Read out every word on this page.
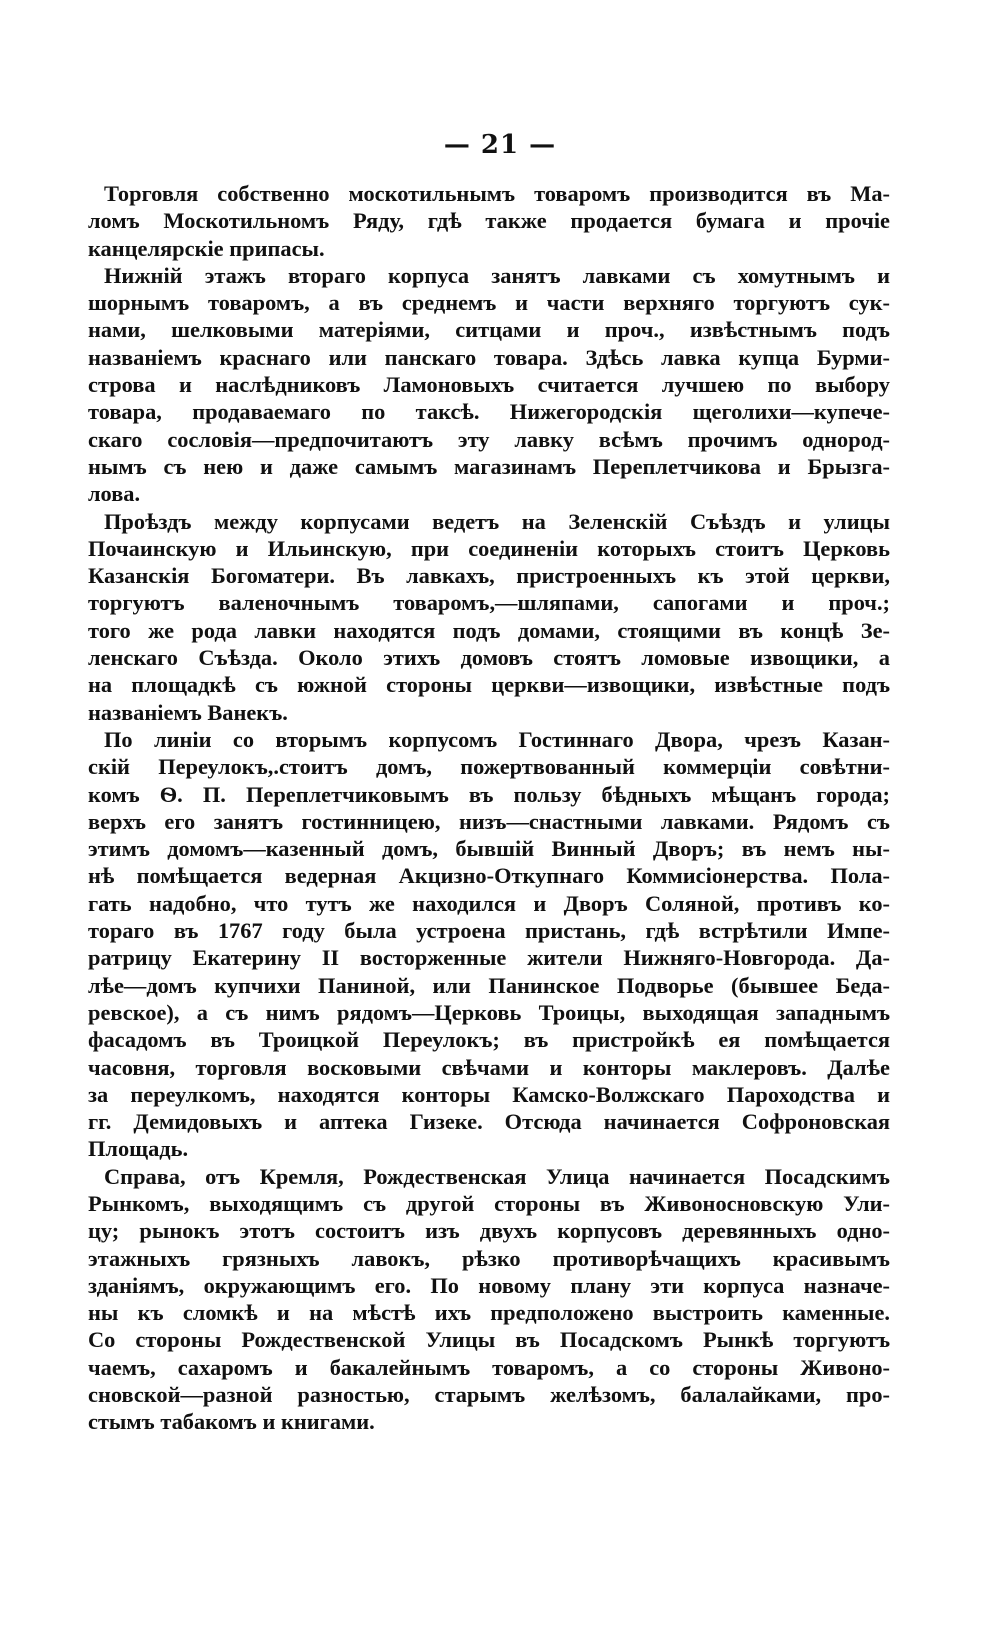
— 21 —
Торговля собственно москотильнымъ товаромъ производится въ Ма-
ломъ Москотильномъ Ряду, гдѣ также продается бумага и прочіе
канцелярскіе припасы.
Нижній этажъ втораго корпуса занятъ лавками съ хомутнымъ и
шорнымъ товаромъ, а въ среднемъ и части верхняго торгуютъ сук-
нами, шелковыми матеріями, ситцами и проч., извѣстнымъ подъ
названіемъ краснаго или панскаго товара. Здѣсь лавка купца Бурми-
строва и наслѣдниковъ Ламоновыхъ считается лучшею по выбору
товара, продаваемаго по таксѣ. Нижегородскія щеголихи—купече-
скаго сословія—предпочитаютъ эту лавку всѣмъ прочимъ однород-
нымъ съ нею и даже самымъ магазинамъ Переплетчикова и Брызга-
лова.
Проѣздъ между корпусами ведетъ на Зеленскій Съѣздъ и улицы
Почаинскую и Ильинскую, при соединеніи которыхъ стоитъ Церковь
Казанскія Богоматери. Въ лавкахъ, пристроенныхъ къ этой церкви,
торгуютъ валеночнымъ товаромъ,—шляпами, сапогами и проч.;
того же рода лавки находятся подъ домами, стоящими въ концѣ Зе-
ленскаго Съѣзда. Около этихъ домовъ стоятъ ломовые извощики, а
на площадкѣ съ южной стороны церкви—извощики, извѣстные подъ
названіемъ Ванекъ.
По линіи со вторымъ корпусомъ Гостиннаго Двора, чрезъ Казан-
скій Переулокъ,.стоитъ домъ, пожертвованный коммерціи совѣтни-
комъ Ѳ. П. Переплетчиковымъ въ пользу бѣдныхъ мѣщанъ города;
верхъ его занятъ гостинницею, низъ—снастными лавками. Рядомъ съ
этимъ домомъ—казенный домъ, бывшій Винный Дворъ; въ немъ ны-
нѣ помѣщается ведерная Акцизно-Откупнаго Коммисіонерства. Пола-
гать надобно, что тутъ же находился и Дворъ Соляной, противъ ко-
тораго въ 1767 году была устроена пристань, гдѣ встрѣтили Импе-
ратрицу Екатерину II восторженные жители Нижняго-Новгорода. Да-
лѣе—домъ купчихи Паниной, или Панинское Подворье (бывшее Беда-
ревское), а съ нимъ рядомъ—Церковь Троицы, выходящая западнымъ
фасадомъ въ Троицкой Переулокъ; въ пристройкѣ ея помѣщается
часовня, торговля восковыми свѣчами и конторы маклеровъ. Далѣе
за переулкомъ, находятся конторы Камско-Волжскаго Пароходства и
гг. Демидовыхъ и аптека Гизеке. Отсюда начинается Софроновская
Площадь.
Справа, отъ Кремля, Рождественская Улица начинается Посадскимъ
Рынкомъ, выходящимъ съ другой стороны въ Живоносновскую Ули-
цу; рынокъ этотъ состоитъ изъ двухъ корпусовъ деревянныхъ одно-
этажныхъ грязныхъ лавокъ, рѣзко противорѣчащихъ красивымъ
зданіямъ, окружающимъ его. По новому плану эти корпуса назначе-
ны къ сломкѣ и на мѣстѣ ихъ предположено выстроить каменные.
Со стороны Рождественской Улицы въ Посадскомъ Рынкѣ торгуютъ
чаемъ, сахаромъ и бакалейнымъ товаромъ, а со стороны Живоно-
сновской—разной разностью, старымъ желѣзомъ, балалайками, про-
стымъ табакомъ и книгами.
